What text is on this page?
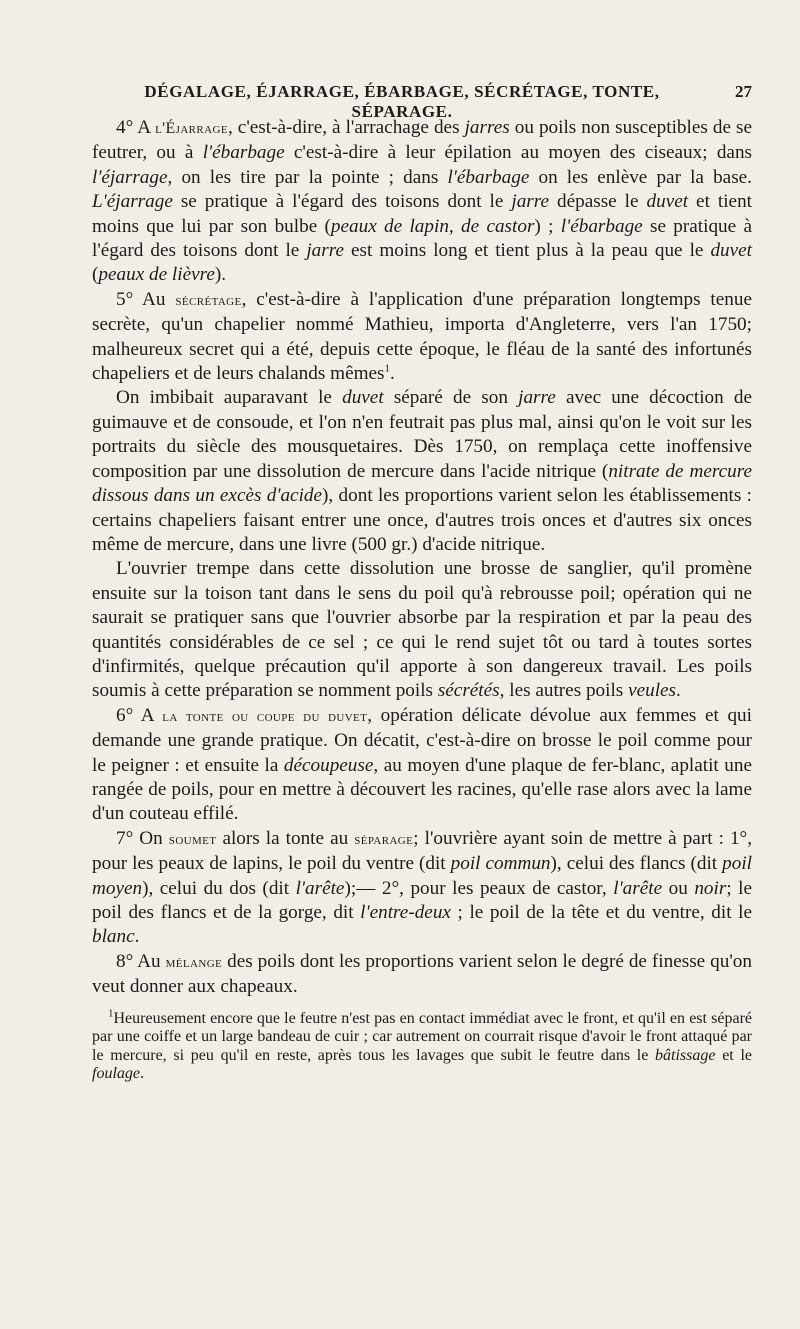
DÉGALAGE, ÉJARRAGE, ÉBARBAGE, SÉCRÉTAGE, TONTE, SÉPARAGE.
27

4° A l'Éjarrage, c'est-à-dire, à l'arrachage des jarres ou poils non susceptibles de se feutrer, ou à l'ébarbage c'est-à-dire à leur épilation au moyen des ciseaux; dans l'éjarrage, on les tire par la pointe ; dans l'ébarbage on les enlève par la base. L'éjarrage se pratique à l'égard des toisons dont le jarre dépasse le duvet et tient moins que lui par son bulbe (peaux de lapin, de castor) ; l'ébarbage se pratique à l'égard des toisons dont le jarre est moins long et tient plus à la peau que le duvet (peaux de lièvre).

5° Au sécrétage, c'est-à-dire à l'application d'une préparation longtemps tenue secrète, qu'un chapelier nommé Mathieu, importa d'Angleterre, vers l'an 1750; malheureux secret qui a été, depuis cette époque, le fléau de la santé des infortunés chapeliers et de leurs chalands mêmes$^1$.

On imbibait auparavant le duvet séparé de son jarre avec une décoction de guimauve et de consoude, et l'on n'en feutrait pas plus mal, ainsi qu'on le voit sur les portraits du siècle des mousquetaires. Dès 1750, on remplaça cette inoffensive composition par une dissolution de mercure dans l'acide nitrique (nitrate de mercure dissous dans un excès d'acide), dont les proportions varient selon les établissements : certains chapeliers faisant entrer une once, d'autres trois onces et d'autres six onces même de mercure, dans une livre (500 gr.) d'acide nitrique.

L'ouvrier trempe dans cette dissolution une brosse de sanglier, qu'il promène ensuite sur la toison tant dans le sens du poil qu'à rebrousse poil; opération qui ne saurait se pratiquer sans que l'ouvrier absorbe par la respiration et par la peau des quantités considérables de ce sel ; ce qui le rend sujet tôt ou tard à toutes sortes d'infirmités, quelque précaution qu'il apporte à son dangereux travail. Les poils soumis à cette préparation se nomment poils sécrétés, les autres poils veules.

6° A la tonte ou coupe du duvet, opération délicate dévolue aux femmes et qui demande une grande pratique. On décatit, c'est-à-dire on brosse le poil comme pour le peigner : et ensuite la découpeuse, au moyen d'une plaque de fer-blanc, aplatit une rangée de poils, pour en mettre à découvert les racines, qu'elle rase alors avec la lame d'un couteau effilé.

7° On soumet alors la tonte au séparage; l'ouvrière ayant soin de mettre à part : 1°, pour les peaux de lapins, le poil du ventre (dit poil commun), celui des flancs (dit poil moyen), celui du dos (dit l'arête);— 2°, pour les peaux de castor, l'arête ou noir; le poil des flancs et de la gorge, dit l'entre-deux ; le poil de la tête et du ventre, dit le blanc.

8° Au mélange des poils dont les proportions varient selon le degré de finesse qu'on veut donner aux chapeaux.

$^1$Heureusement encore que le feutre n'est pas en contact immédiat avec le front, et qu'il en est séparé par une coiffe et un large bandeau de cuir ; car autrement on courrait risque d'avoir le front attaqué par le mercure, si peu qu'il en reste, après tous les lavages que subit le feutre dans le bâtissage et le foulage.
